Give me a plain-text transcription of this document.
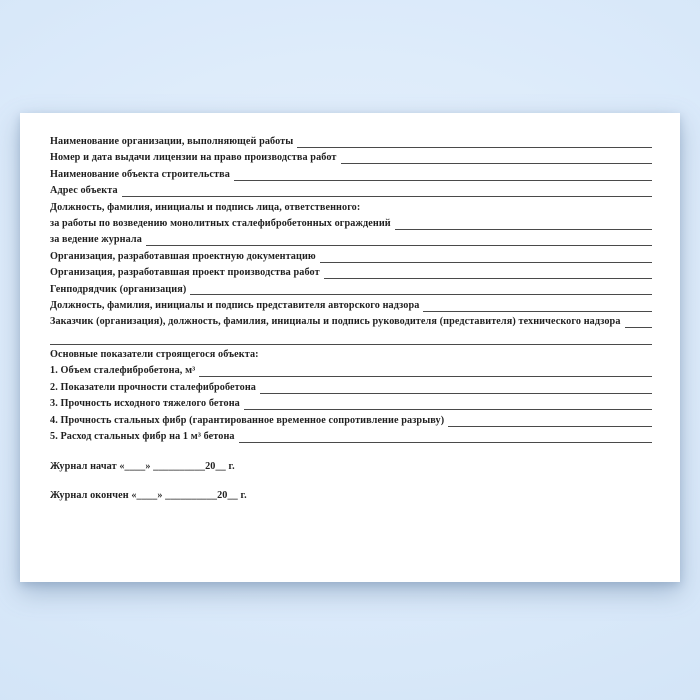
Наименование организации, выполняющей работы
Номер и дата выдачи лицензии на право производства работ
Наименование объекта строительства
Адрес объекта
Должность, фамилия, инициалы и подпись лица, ответственного:
за работы по возведению монолитных сталефибробетонных ограждений
за ведение журнала
Организация, разработавшая проектную документацию
Организация, разработавшая проект производства работ
Генподрядчик (организация)
Должность, фамилия, инициалы и подпись представителя авторского надзора
Заказчик (организация), должность, фамилия, инициалы и подпись руководителя (представителя) технического надзора
Основные показатели строящегося объекта:
1. Объем сталефибробетона, м³
2. Показатели прочности сталефибробетона
3. Прочность исходного тяжелого бетона
4. Прочность стальных фибр (гарантированное временное сопротивление разрыву)
5. Расход стальных фибр на 1 м³ бетона
Журнал начат «____» __________20__ г.
Журнал окончен «____» __________20__ г.
